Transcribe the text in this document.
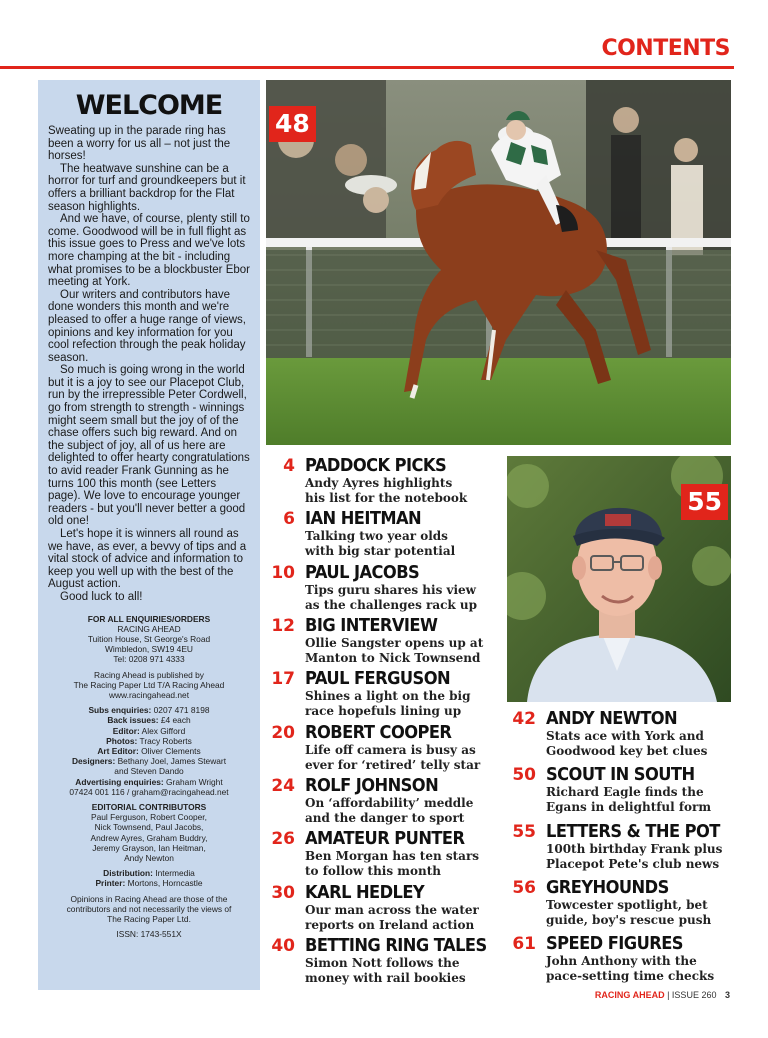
CONTENTS
WELCOME

Sweating up in the parade ring has been a worry for us all – not just the horses!

The heatwave sunshine can be a horror for turf and groundkeepers but it offers a brilliant backdrop for the Flat season highlights.

And we have, of course, plenty still to come. Goodwood will be in full flight as this issue goes to Press and we've lots more champing at the bit - including what promises to be a blockbuster Ebor meeting at York.

Our writers and contributors have done wonders this month and we're pleased to offer a huge range of views, opinions and key information for you cool refection through the peak holiday season.

So much is going wrong in the world but it is a joy to see our Placepot Club, run by the irrepressible Peter Cordwell, go from strength to strength - winnings might seem small but the joy of of the chase offers such big reward. And on the subject of joy, all of us here are delighted to offer hearty congratulations to avid reader Frank Gunning as he turns 100 this month (see Letters page). We love to encourage younger readers - but you'll never better a good old one!

Let's hope it is winners all round as we have, as ever, a bevvy of tips and a vital stock of advice and information to keep you well up with the best of the August action.

Good luck to all!

FOR ALL ENQUIRIES/ORDERS
RACING AHEAD
Tuition House, St George's Road
Wimbledon, SW19 4EU
Tel: 0208 971 4333
Racing Ahead is published by
The Racing Paper Ltd T/A Racing Ahead
www.racingahead.net
Subs enquiries: 0207 471 8198
Back issues: £4 each
Editor: Alex Gifford
Photos: Tracy Roberts
Art Editor: Oliver Clements
Designers: Bethany Joel, James Stewart
and Steven Dando
Advertising enquiries: Graham Wright
07424 001 116 / graham@racingahead.net
EDITORIAL CONTRIBUTORS
Paul Ferguson, Robert Cooper,
Nick Townsend, Paul Jacobs,
Andrew Ayres, Graham Buddry,
Jeremy Grayson, Ian Heitman,
Andy Newton
Distribution: Intermedia
Printer: Mortons, Horncastle
Opinions in Racing Ahead are those of the
contributors and not necessarily the views of
The Racing Paper Ltd.
ISSN: 1743-551X
48
55
4 PADDOCK PICKS
Andy Ayres highlights
his list for the notebook
6 IAN HEITMAN
Talking two year olds
with big star potential
10 PAUL JACOBS
Tips guru shares his view
as the challenges rack up
12 BIG INTERVIEW
Ollie Sangster opens up at
Manton to Nick Townsend
17 PAUL FERGUSON
Shines a light on the big
race hopefuls lining up
20 ROBERT COOPER
Life off camera is busy as
ever for ‘retired’ telly star
24 ROLF JOHNSON
On ‘affordability’ meddle
and the danger to sport
26 AMATEUR PUNTER
Ben Morgan has ten stars
to follow this month
30 KARL HEDLEY
Our man across the water
reports on Ireland action
40 BETTING RING TALES
Simon Nott follows the
money with rail bookies
42 ANDY NEWTON
Stats ace with York and
Goodwood key bet clues
50 SCOUT IN SOUTH
Richard Eagle finds the
Egans in delightful form
55 LETTERS & THE POT
100th birthday Frank plus
Placepot Pete's club news
56 GREYHOUNDS
Towcester spotlight, bet
guide, boy's rescue push
61 SPEED FIGURES
John Anthony with the
pace-setting time checks
RACING AHEAD | ISSUE 260 3
